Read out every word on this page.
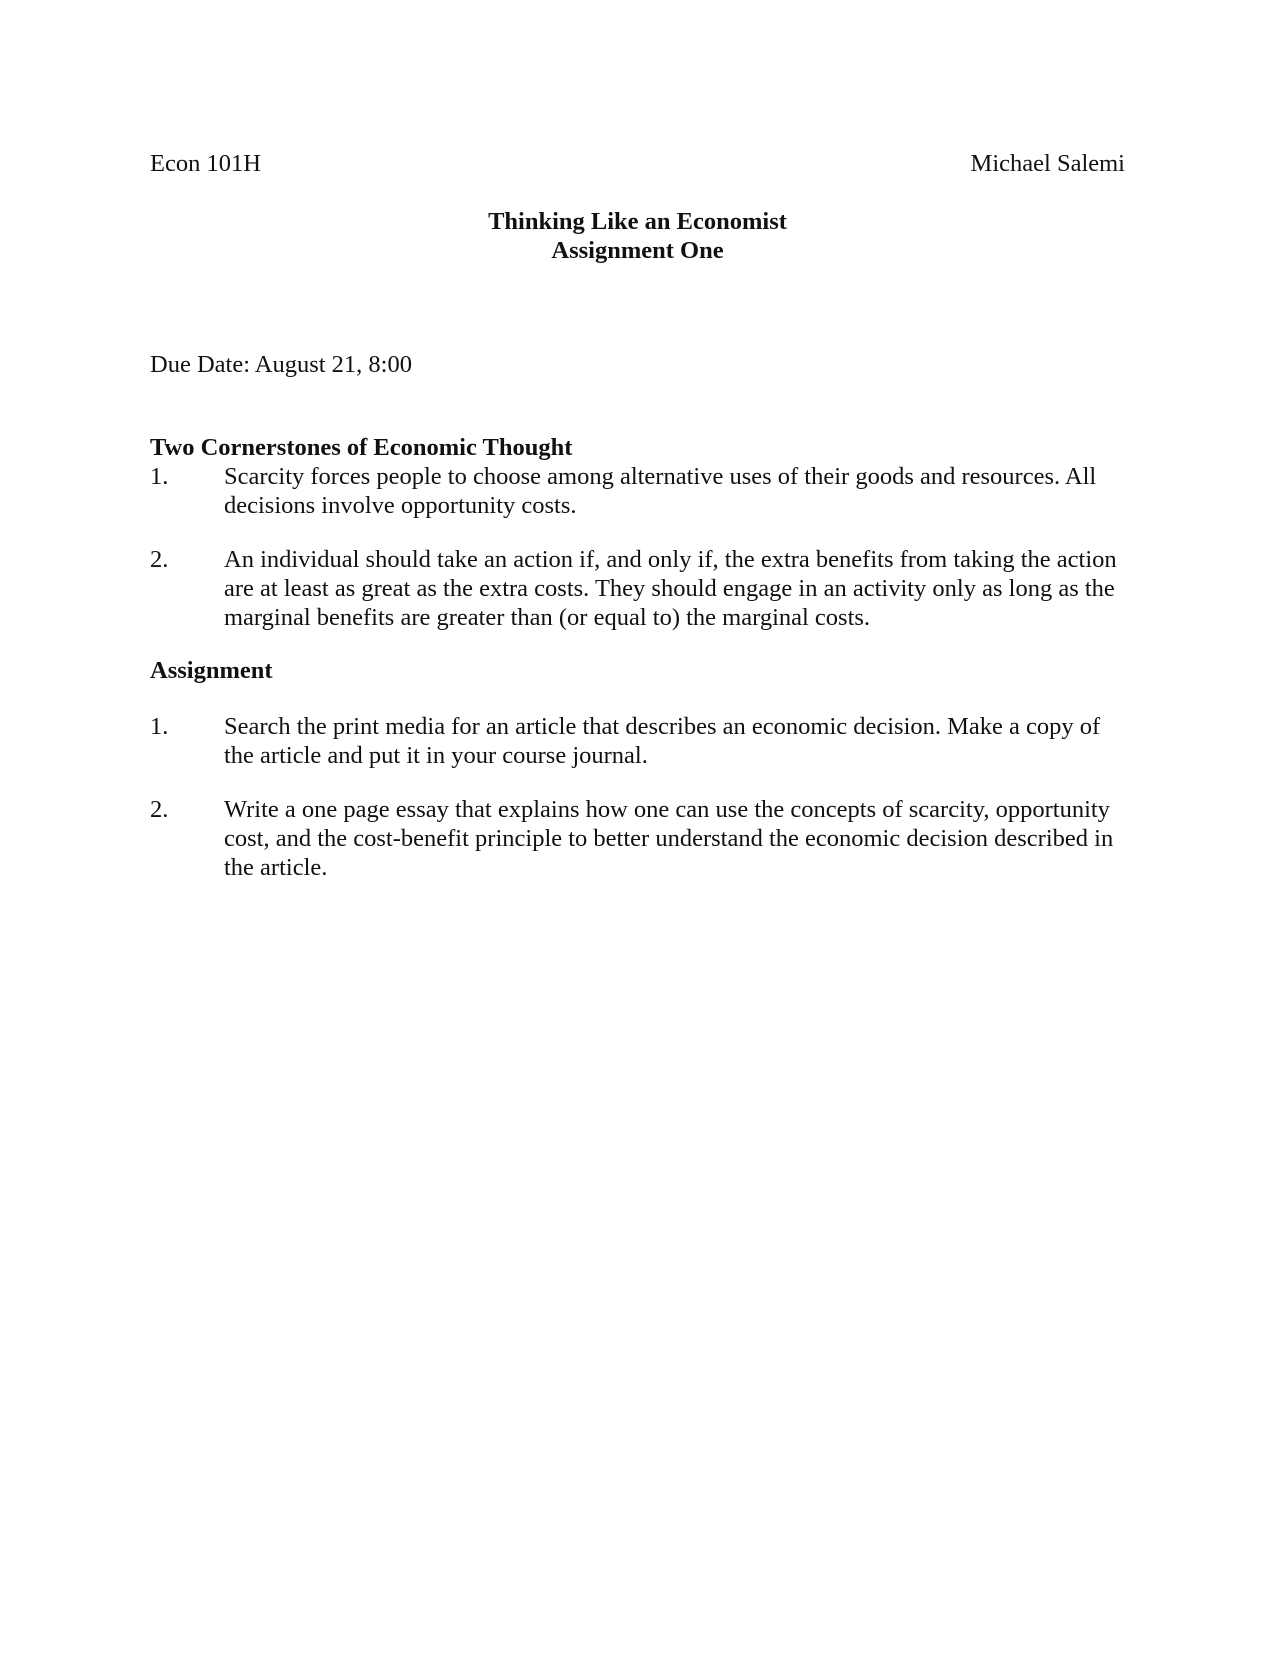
Econ 101H	Michael Salemi
Thinking Like an Economist
Assignment One
Due Date: August 21, 8:00
Two Cornerstones of Economic Thought
1. Scarcity forces people to choose among alternative uses of their goods and resources. All decisions involve opportunity costs.
2. An individual should take an action if, and only if, the extra benefits from taking the action are at least as great as the extra costs. They should engage in an activity only as long as the marginal benefits are greater than (or equal to) the marginal costs.
Assignment
1. Search the print media for an article that describes an economic decision. Make a copy of the article and put it in your course journal.
2. Write a one page essay that explains how one can use the concepts of scarcity, opportunity cost, and the cost-benefit principle to better understand the economic decision described in the article.
